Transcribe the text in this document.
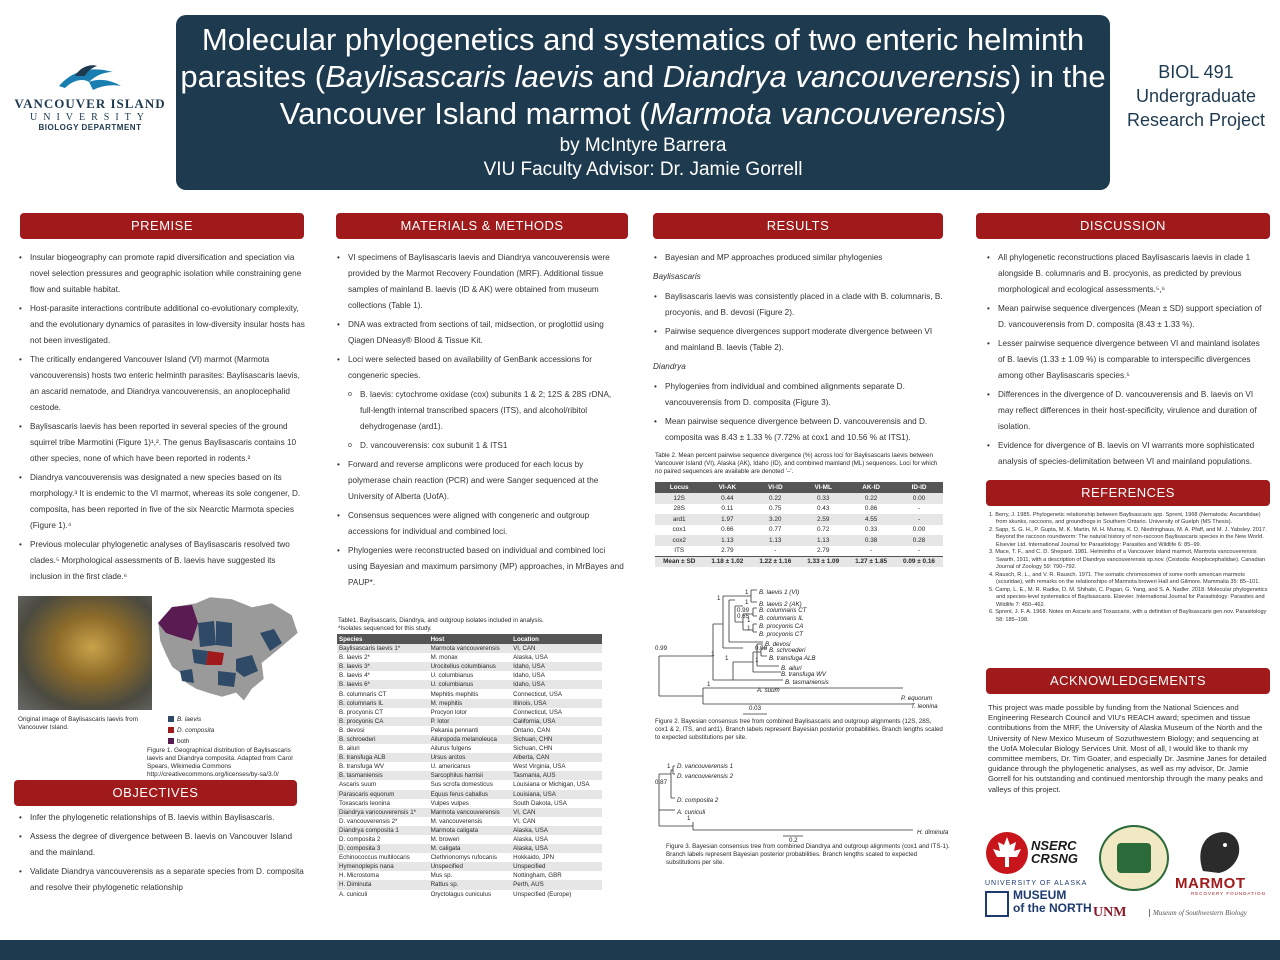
VANCOUVER ISLAND
UNIVERSITY
BIOLOGY DEPARTMENT
Molecular phylogenetics and systematics of two enteric helminth
parasites (Baylisascaris laevis and Diandrya vancouverensis) in the
Vancouver Island marmot (Marmota vancouverensis)
by McIntyre Barrera
VIU Faculty Advisor: Dr. Jamie Gorrell
BIOL 491
Undergraduate
Research Project
PREMISE	MATERIALS & METHODS	RESULTS	DISCUSSION
OBJECTIVES
REFERENCES
ACKNOWLEDGEMENTS
• Insular biogeography can promote rapid diversification and speciation via novel selection pressures and geographic isolation while constraining gene flow and suitable habitat.
• Host-parasite interactions contribute additional co-evolutionary complexity, and the evolutionary dynamics of parasites in low-diversity insular hosts has not been investigated.
• The critically endangered Vancouver Island (VI) marmot (Marmota vancouverensis) hosts two enteric helminth parasites: Baylisascaris laevis, an ascarid nematode, and Diandrya vancouverensis, an anoplocephalid cestode.
• Baylisascaris laevis has been reported in several species of the ground squirrel tribe Marmotini (Figure 1)¹,². The genus Baylisascaris contains 10 other species, none of which have been reported in rodents.²
• Diandrya vancouverensis was designated a new species based on its morphology.³ It is endemic to the VI marmot, whereas its sole congener, D. composita, has been reported in five of the six Nearctic Marmota species (Figure 1).⁴
• Previous molecular phylogenetic analyses of Baylisascaris resolved two clades.⁵ Morphological assessments of B. laevis have suggested its inclusion in the first clade.⁶
Original image of Baylisascaris laevis from Vancouver Island.
B. laevis
D. composita
both
Figure 1. Geographical distribution of Baylisascaris laevis and Diandrya composita. Adapted from Carol Spears, Wikimedia Commons http://creativecommons.org/licenses/by-sa/3.0/
• Infer the phylogenetic relationships of B. laevis within Baylisascaris.
• Assess the degree of divergence between B. laevis on Vancouver Island and the mainland.
• Validate Diandrya vancouverensis as a separate species from D. composita and resolve their phylogenetic relationship
• VI specimens of Baylisascaris laevis and Diandrya vancouverensis were provided by the Marmot Recovery Foundation (MRF). Additional tissue samples of mainland B. laevis (ID & AK) were obtained from museum collections (Table 1).
• DNA was extracted from sections of tail, midsection, or proglottid using Qiagen DNeasy® Blood & Tissue Kit.
• Loci were selected based on availability of GenBank accessions for congeneric species.
o B. laevis: cytochrome oxidase (cox) subunits 1 & 2; 12S & 28S rDNA, full-length internal transcribed spacers (ITS), and alcohol/ribitol dehydrogenase (ard1).
o D. vancouverensis: cox subunit 1 & ITS1
• Forward and reverse amplicons were produced for each locus by polymerase chain reaction (PCR) and were Sanger sequenced at the University of Alberta (UofA).
• Consensus sequences were aligned with congeneric and outgroup accessions for individual and combined loci.
• Phylogenies were reconstructed based on individual and combined loci using Bayesian and maximum parsimony (MP) approaches, in MrBayes and PAUP*.
Table1. Baylisascaris, Diandrya, and outgroup isolates included in analysis.
*Isolates sequenced for this study.
Species	Host	Location
Baylisascaris laevis 1*	Marmota vancouverensis	VI, CAN
B. laevis 2*	M. monax	Alaska, USA
B. laevis 3*	Urocitellus columbianus	Idaho, USA
B. laevis 4*	U. columbianus	Idaho, USA
B. laevis 6*	U. columbianus	Idaho, USA
B. columnaris CT	Mephitis mephitis	Connecticut, USA
B. columnaris IL	M. mephitis	Illinois, USA
B. procyonis CT	Procyon lotor	Connecticut, USA
B. procyonis CA	P. lotor	California, USA
B. devosi	Pekania pennanti	Ontario, CAN
B. schroederi	Ailuropoda melanoleuca	Sichuan, CHN
B. ailuri	Ailurus fulgens	Sichuan, CHN
B. transfuga ALB	Ursus arctos	Alberta, CAN
B. transfuga WV	U. americanus	West Virginia, USA
B. tasmaniensis	Sarcophilus harrisii	Tasmania, AUS
Ascaris suum	Sus scrofa domesticus	Louisiana or Michigan, USA
Parascaris equorum	Equus ferus caballus	Louisiana, USA
Toxascaris leonina	Vulpes vulpes	South Dakota, USA
Diandrya vancouverensis 1*	Marmota vancouverensis	VI, CAN
D. vancouverensis 2*	M. vancouverensis	VI, CAN
Diandrya composita 1	Marmota caligata	Alaska, USA
D. composita 2	M. broweri	Alaska, USA
D. composita 3	M. caligata	Alaska, USA
Echinococcus multilocaris	Clethrionomys rufocanis	Hokkaido, JPN
Hymenoplepis nana	Unspecified	Unspecified
H. Microstoma	Mus sp.	Nottingham, GBR
H. Diminuta	Rattus sp.	Perth, AUS
A. cuniculi	Oryctolagus cuniculus	Unspecified (Europe)
• Bayesian and MP approaches produced similar phylogenies
Baylisascaris
• Baylisascaris laevis was consistently placed in a clade with B. columnaris, B. procyonis, and B. devosi (Figure 2).
• Pairwise sequence divergences support moderate divergence between VI and mainland B. laevis (Table 2).
Diandrya
• Phylogenies from individual and combined alignments separate D. vancouverensis from D. composita (Figure 3).
• Mean pairwise sequence divergence between D. vancouverensis and D. composita was 8.43 ± 1.33 % (7.72% at cox1 and 10.56 % at ITS1).
Table 2. Mean percent pairwise sequence divergence (%) across loci for Baylisascaris laevis between Vancouver Island (VI), Alaska (AK), Idaho (ID), and combined mainland (ML) sequences. Loci for which no paired sequences are available are denoted '–'.
Locus	VI-AK	VI-ID	VI-ML	AK-ID	ID-ID
12S	0.44	0.22	0.33	0.22	0.00
28S	0.11	0.75	0.43	0.86	-
ard1	1.97	3.20	2.59	4.55	-
cox1	0.66	0.77	0.72	0.33	0.00
cox2	1.13	1.13	1.13	0.38	0.28
ITS	2.79	-	2.79	-	-
Mean ± SD	1.18 ± 1.02	1.22 ± 1.16	1.33 ± 1.09	1.27 ± 1.85	0.09 ± 0.16
B. laevis 1 (VI)
B. laevis 2 (AK)
B. columnaris CT
B. columnaris IL
B. procyonis CA
B. procyonis CT
B. devosi
B. schroederi
B. transfuga ALB
B. ailuri
B. transfuga WV
B. tasmaniensis
A. suum
P. equorum
T. leonina
1
1
0.99
0.65
1
1
0.98
1
1
1
1
1
0.99
0.03
Figure 2. Bayesian consensus tree from combined Baylisascaris and outgroup alignments (12S, 28S, cox1 & 2, ITS, and ard1). Branch labels represent Bayesian posterior probabilities. Branch lengths scaled to expected substitutions per site.
D. vancouverensis 1
D. vancouverensis 2
D. composita 2
A. cuniculi
H. diminuta
1
0.87
1
0.2
Figure 3. Bayesian consensus tree from combined Diandrya and outgroup alignments (cox1 and ITS-1). Branch labels represent Bayesian posterior probabilities. Branch lengths scaled to expected substitutions per site.
• All phylogenetic reconstructions placed Baylisascaris laevis in clade 1 alongside B. columnaris and B. procyonis, as predicted by previous morphological and ecological assessments.⁵,⁶
• Mean pairwise sequence divergences (Mean ± SD) support speciation of D. vancouverensis from D. composita (8.43 ± 1.33 %).
• Lesser pairwise sequence divergence between VI and mainland isolates of B. laevis (1.33 ± 1.09 %) is comparable to interspecific divergences among other Baylisascaris species.⁵
• Differences in the divergence of D. vancouverensis and B. laevis on VI may reflect differences in their host-specificity, virulence and duration of isolation.
• Evidence for divergence of B. laevis on VI warrants more sophisticated analysis of species-delimitation between VI and mainland populations.

1. Berry, J. 1985. Phylogenetic relationship between Baylisascaris spp. Sprent, 1968 (Nematoda: Ascarididae) from skunks, raccoons, and groundhogs in Southern Ontario. University of Guelph (MS Thesis).

2. Sapp, S. G. H., P. Gupta, M. K. Martin, M. H. Murray, K. D. Niedringhaus, M. A. Pfaff, and M. J. Yabsley. 2017. Beyond the raccoon roundworm: The natural history of non-raccoon Baylisascaris species in the New World. Elsevier Ltd. International Journal for Parasitology: Parasites and Wildlife 6: 85–99.

3. Mace, T. F., and C. D. Shepard. 1981. Helminths of a Vancouver Island marmot, Marmota vancouverensis Swarth, 1911, with a description of Diandrya vancouverensis sp.nov. (Cestoda: Anoplocephalidae). Canadian Journal of Zoology 59: 790–792.

4. Rausch, R. L., and V. R. Rausch. 1971. The somatic chromosomes of some north american marmots (sciuridae), with remarks on the relationships of Marmota broweri Hall and Gilmore. Mammalia 35: 85–101.

5. Camp, L. E., M. R. Radke, D. M. Shihabi, C. Pagan, G. Yang, and S. A. Nadler. 2018. Molecular phylogenetics and species-level systematics of Baylisascaris. Elsevier. International Journal for Parasitology: Parasites and Wildlife 7: 450–462.

6. Sprent, J. F. A. 1968. Notes on Ascaris and Toxascaris, with a definition of Baylisascaris gen.nov. Parasitology 58: 185–198.

This project was made possible by funding from the National Sciences and Engineering Research Council and VIU's REACH award; specimen and tissue contributions from the MRF, the University of Alaska Museum of the North and the University of New Mexico Museum of Sozuthwestern Biology; and sequencing at the UofA Molecular Biology Services Unit. Most of all, I would like to thank my committee members, Dr. Tim Goater, and especially Dr. Jasmine Janes for detailed guidance through the phylogenetic analyses, as well as my advisor, Dr. Jamie Gorrell for his outstanding and continued mentorship through the many peaks and valleys of this project.
NSERC
CRSNG
MARMOT
RECOVERY FOUNDATION
UNIVERSITY OF ALASKA
MUSEUM
of the NORTH UNM	Museum of Southwestern Biology
